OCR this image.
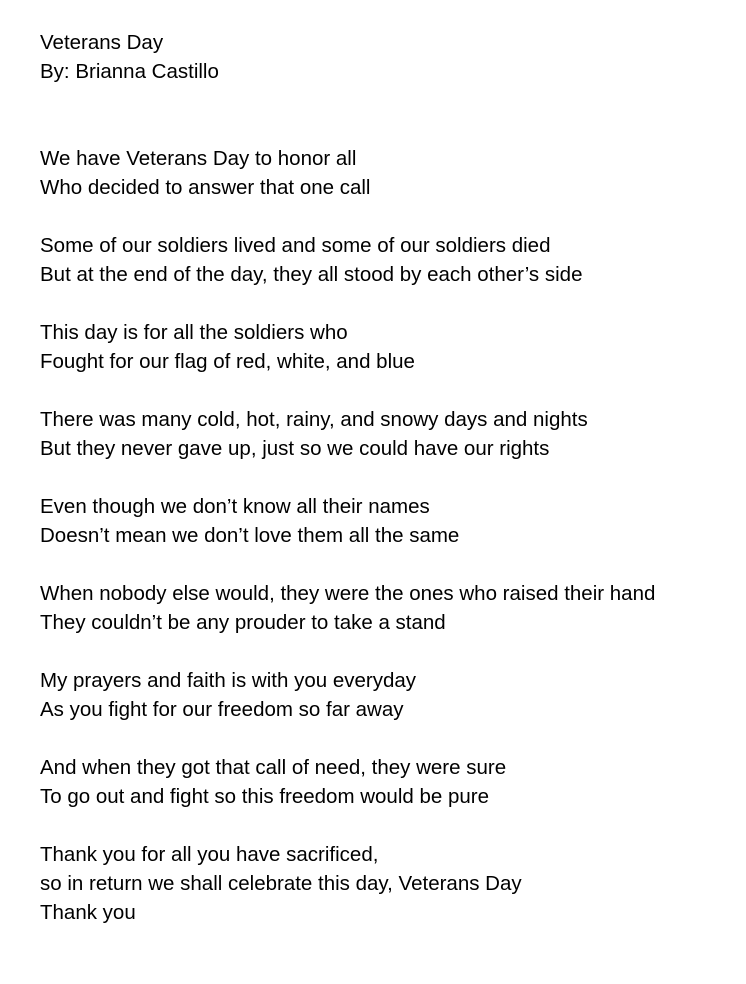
Veterans Day
By: Brianna Castillo
We have Veterans Day to honor all
Who decided to answer that one call
Some of our soldiers lived and some of our soldiers died
But at the end of the day, they all stood by each other’s side
This day is for all the soldiers who
Fought for our flag of red, white, and blue
There was many cold, hot, rainy, and snowy days and nights
But they never gave up, just so we could have our rights
Even though we don’t know all their names
Doesn’t mean we don’t love them all the same
When nobody else would, they were the ones who raised their hand
They couldn’t be any prouder to take a stand
My prayers and faith is with you everyday
As you fight for our freedom so far away
And when they got that call of need, they were sure
To go out and fight so this freedom would be pure
Thank you for all you have sacrificed,
so in return we shall celebrate this day, Veterans Day
Thank you
